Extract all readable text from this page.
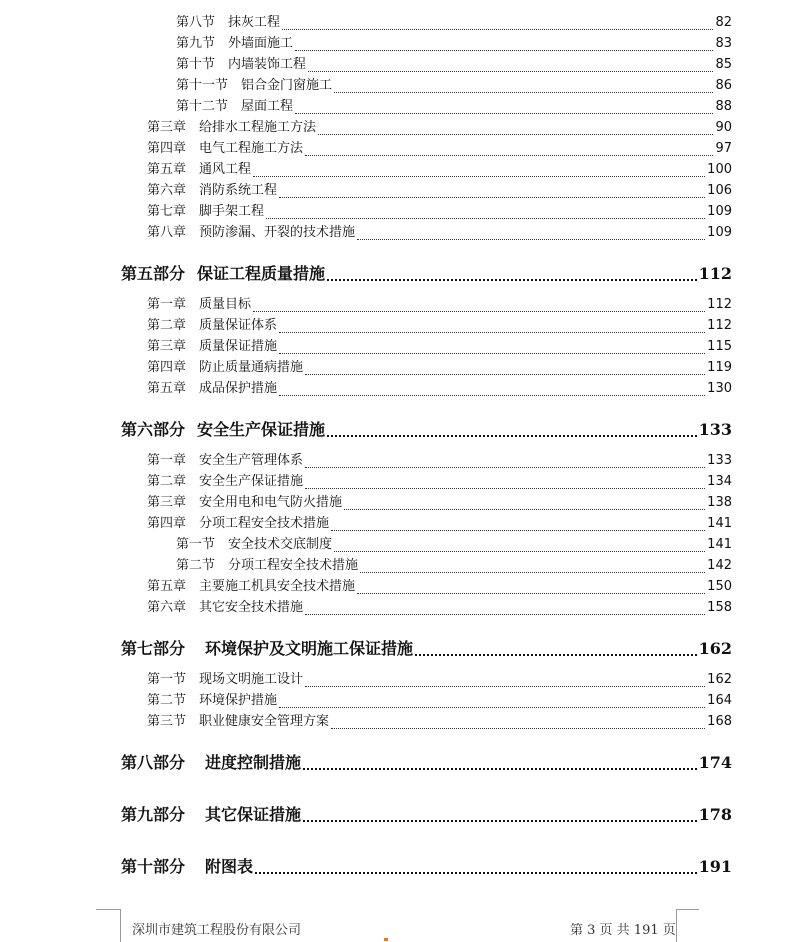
第八节 抹灰工程	82
第九节 外墙面施工	83
第十节 内墙装饰工程	85
第十一节 铝合金门窗施工	86
第十二节 屋面工程	88
第三章 给排水工程施工方法	90
第四章 电气工程施工方法	97
第五章 通风工程	100
第六章 消防系统工程	106
第七章 脚手架工程	109
第八章 预防渗漏、开裂的技术措施	109
第五部分 保证工程质量措施	112
第一章 质量目标	112
第二章 质量保证体系	112
第三章 质量保证措施	115
第四章 防止质量通病措施	119
第五章 成品保护措施	130
第六部分 安全生产保证措施	133
第一章 安全生产管理体系	133
第二章 安全生产保证措施	134
第三章 安全用电和电气防火措施	138
第四章 分项工程安全技术措施	141
第一节 安全技术交底制度	141
第二节 分项工程安全技术措施	142
第五章 主要施工机具安全技术措施	150
第六章 其它安全技术措施	158
第七部分 环境保护及文明施工保证措施	162
第一节 现场文明施工设计	162
第二节 环境保护措施	164
第三节 职业健康安全管理方案	168
第八部分 进度控制措施	174
第九部分 其它保证措施	178
第十部分 附图表	191
深圳市建筑工程股份有限公司	第 3 页 共 191 页
